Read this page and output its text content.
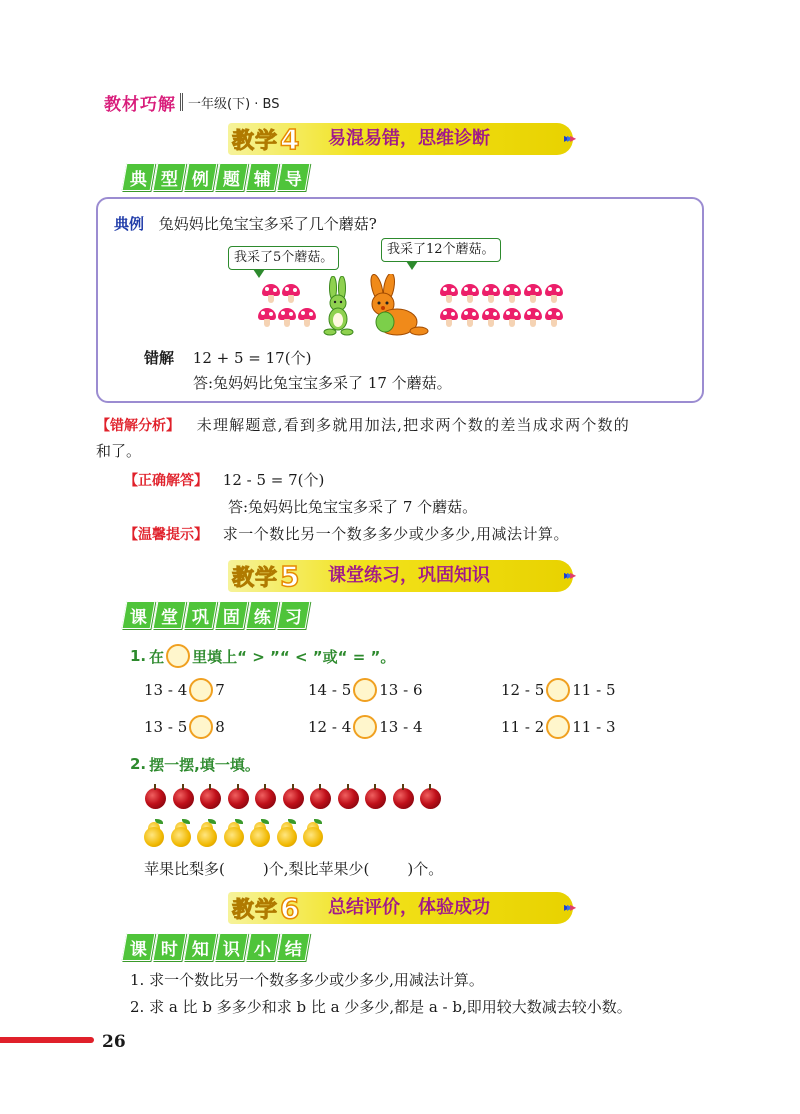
教材巧解 一年级(下) · BS
教学 4 易混易错，思维诊断	▸▸▸
典 型 例 题 辅 导
典例 兔妈妈比兔宝宝多采了几个蘑菇?
我采了5个蘑菇。
我采了12个蘑菇。
错解 12 + 5 = 17(个)
答:兔妈妈比兔宝宝多采了 17 个蘑菇。
【错解分析】 未理解题意,看到多就用加法,把求两个数的差当成求两个数的
和了。
【正确解答】 12 - 5 = 7(个)
答:兔妈妈比兔宝宝多采了 7 个蘑菇。
【温馨提示】 求一个数比另一个数多多少或少多少,用减法计算。
教学 5 课堂练习，巩固知识	▸▸▸
课 堂 巩 固 练 习
1. 在 里填上“ > ”“ < ”或“ = ”。
13 - 4 7	14 - 5 13 - 6	12 - 5 11 - 5
13 - 5 8	12 - 4 13 - 4	11 - 2 11 - 3
2. 摆一摆,填一填。
苹果比梨多(	)个,梨比苹果少(	)个。
教学 6 总结评价，体验成功	▸▸▸
课 时 知 识 小 结
1. 求一个数比另一个数多多少或少多少,用减法计算。
2. 求 a 比 b 多多少和求 b 比 a 少多少,都是 a - b,即用较大数减去较小数。
26
